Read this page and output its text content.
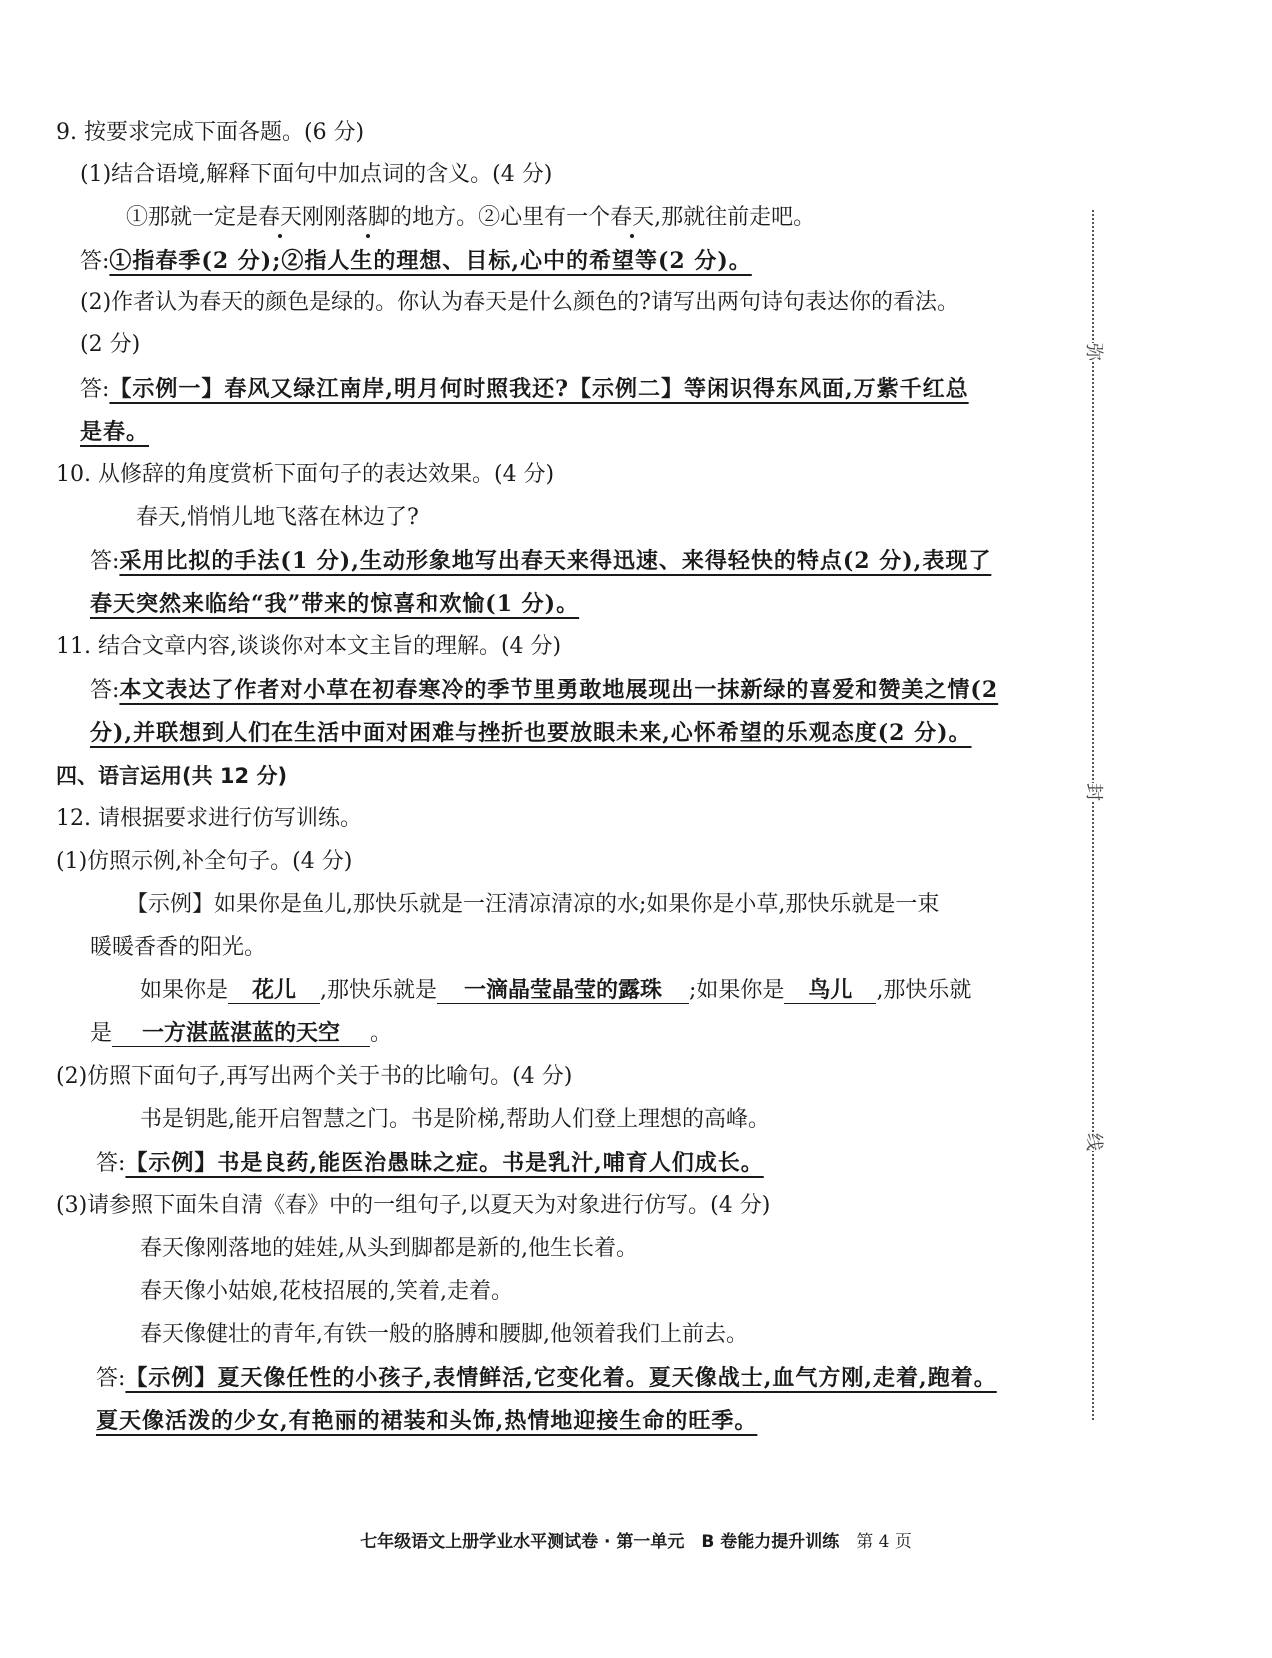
9. 按要求完成下面各题。(6 分)
(1)结合语境,解释下面句中加点词的含义。(4 分)
①那就一定是春天刚刚落脚的地方。②心里有一个春天,那就往前走吧。
答:①指春季(2 分);②指人生的理想、目标,心中的希望等(2 分)。
(2)作者认为春天的颜色是绿的。你认为春天是什么颜色的?请写出两句诗句表达你的看法。
(2 分)
答:【示例一】春风又绿江南岸,明月何时照我还?【示例二】等闲识得东风面,万紫千红总
是春。
10. 从修辞的角度赏析下面句子的表达效果。(4 分)
春天,悄悄儿地飞落在林边了?
答:采用比拟的手法(1 分),生动形象地写出春天来得迅速、来得轻快的特点(2 分),表现了
春天突然来临给“我”带来的惊喜和欢愉(1 分)。
11. 结合文章内容,谈谈你对本文主旨的理解。(4 分)
答:本文表达了作者对小草在初春寒冷的季节里勇敢地展现出一抹新绿的喜爱和赞美之情(2
分),并联想到人们在生活中面对困难与挫折也要放眼未来,心怀希望的乐观态度(2 分)。
四、语言运用(共 12 分)
12. 请根据要求进行仿写训练。
(1)仿照示例,补全句子。(4 分)
【示例】如果你是鱼儿,那快乐就是一汪清凉清凉的水;如果你是小草,那快乐就是一束
暖暖香香的阳光。
如果你是 花儿 ,那快乐就是 一滴晶莹晶莹的露珠 ;如果你是 鸟儿 ,那快乐就
是 一方湛蓝湛蓝的天空 。
(2)仿照下面句子,再写出两个关于书的比喻句。(4 分)
书是钥匙,能开启智慧之门。书是阶梯,帮助人们登上理想的高峰。
答:【示例】书是良药,能医治愚昧之症。书是乳汁,哺育人们成长。
(3)请参照下面朱自清《春》中的一组句子,以夏天为对象进行仿写。(4 分)
春天像刚落地的娃娃,从头到脚都是新的,他生长着。
春天像小姑娘,花枝招展的,笑着,走着。
春天像健壮的青年,有铁一般的胳膊和腰脚,他领着我们上前去。
答:【示例】夏天像任性的小孩子,表情鲜活,它变化着。夏天像战士,血气方刚,走着,跑着。
夏天像活泼的少女,有艳丽的裙装和头饰,热情地迎接生命的旺季。
弥
封
线
七年级语文上册学业水平测试卷 · 第一单元　B 卷能力提升训练　 第 4 页
